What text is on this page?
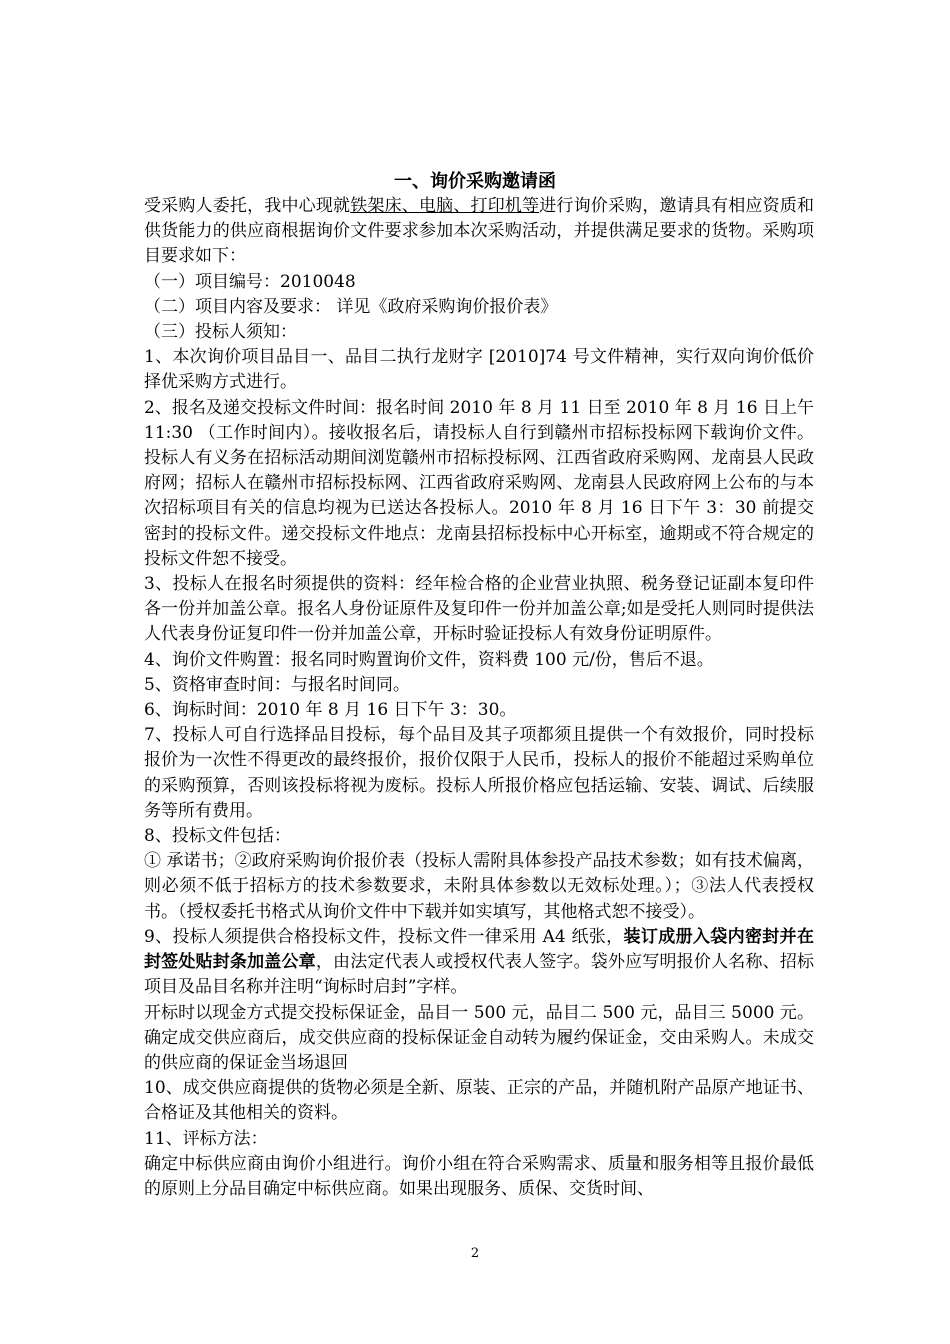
一、询价采购邀请函

受采购人委托，我中心现就铁架床、电脑、打印机等进行询价采购，邀请具有相应资质和供货能力的供应商根据询价文件要求参加本次采购活动，并提供满足要求的货物。采购项目要求如下：

（一）项目编号：2010048

（二）项目内容及要求： 详见《政府采购询价报价表》

（三）投标人须知：

1、本次询价项目品目一、品目二执行龙财字 [2010]74 号文件精神，实行双向询价低价择优采购方式进行。

2、报名及递交投标文件时间：报名时间 2010 年 8 月 11 日至 2010 年 8 月 16 日上午 11:30 （工作时间内）。接收报名后，请投标人自行到赣州市招标投标网下载询价文件。投标人有义务在招标活动期间浏览赣州市招标投标网、江西省政府采购网、龙南县人民政府网；招标人在赣州市招标投标网、江西省政府采购网、龙南县人民政府网上公布的与本次招标项目有关的信息均视为已送达各投标人。2010 年 8 月 16 日下午 3：30 前提交密封的投标文件。递交投标文件地点：龙南县招标投标中心开标室，逾期或不符合规定的投标文件恕不接受。

3、投标人在报名时须提供的资料：经年检合格的企业营业执照、税务登记证副本复印件各一份并加盖公章。报名人身份证原件及复印件一份并加盖公章;如是受托人则同时提供法人代表身份证复印件一份并加盖公章，开标时验证投标人有效身份证明原件。

4、询价文件购置：报名同时购置询价文件，资料费 100 元/份，售后不退。

5、资格审查时间：与报名时间同。

6、询标时间：2010 年 8 月 16 日下午 3：30。

7、投标人可自行选择品目投标，每个品目及其子项都须且提供一个有效报价，同时投标报价为一次性不得更改的最终报价，报价仅限于人民币，投标人的报价不能超过采购单位的采购预算，否则该投标将视为废标。投标人所报价格应包括运输、安装、调试、后续服务等所有费用。

8、投标文件包括：

① 承诺书；②政府采购询价报价表（投标人需附具体参投产品技术参数；如有技术偏离，则必须不低于招标方的技术参数要求，未附具体参数以无效标处理。）；③法人代表授权书。（授权委托书格式从询价文件中下载并如实填写，其他格式恕不接受）。

9、投标人须提供合格投标文件，投标文件一律采用 A4 纸张，装订成册入袋内密封并在封签处贴封条加盖公章，由法定代表人或授权代表人签字。袋外应写明报价人名称、招标项目及品目名称并注明“询标时启封”字样。

开标时以现金方式提交投标保证金，品目一 500 元，品目二 500 元，品目三 5000 元。确定成交供应商后，成交供应商的投标保证金自动转为履约保证金，交由采购人。未成交的供应商的保证金当场退回

10、成交供应商提供的货物必须是全新、原装、正宗的产品，并随机附产品原产地证书、合格证及其他相关的资料。

11、评标方法：

确定中标供应商由询价小组进行。询价小组在符合采购需求、质量和服务相等且报价最低的原则上分品目确定中标供应商。如果出现服务、质保、交货时间、

2
